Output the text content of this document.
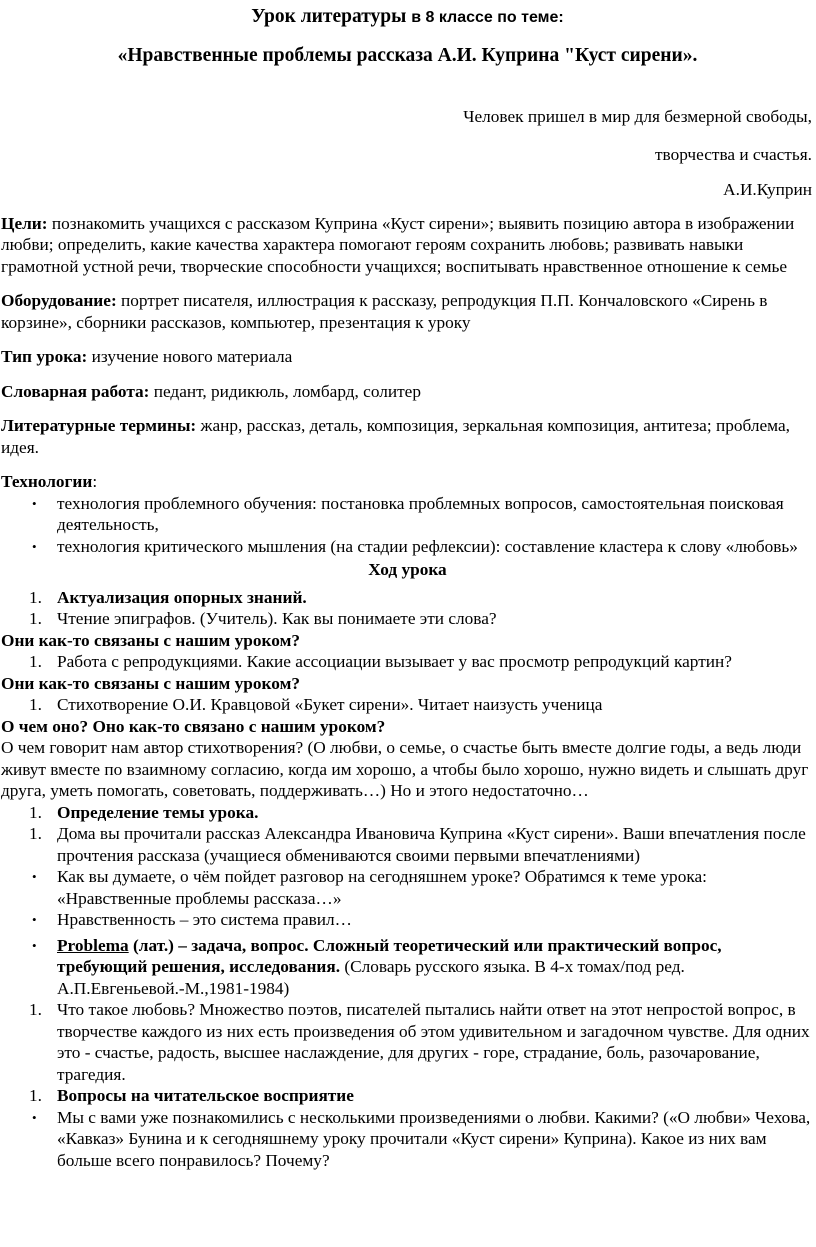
Урок литературы в 8 классе по теме:
«Нравственные проблемы рассказа А.И. Куприна "Куст сирени».
Человек пришел в мир для безмерной свободы,
творчества и счастья.
А.И.Куприн
Цели: познакомить учащихся с рассказом Куприна «Куст сирени»; выявить позицию автора в изображении любви; определить, какие качества характера помогают героям сохранить любовь; развивать навыки грамотной устной речи, творческие способности учащихся; воспитывать нравственное отношение к семье
Оборудование: портрет писателя, иллюстрация к рассказу, репродукция П.П. Кончаловского «Сирень в корзине», сборники рассказов, компьютер, презентация к уроку
Тип урока: изучение нового материала
Словарная работа: педант, ридикюль, ломбард, солитер
Литературные термины: жанр, рассказ, деталь, композиция, зеркальная композиция, антитеза; проблема, идея.
Технологии:
• технология проблемного обучения: постановка проблемных вопросов, самостоятельная поисковая деятельность,
• технология критического мышления (на стадии рефлексии): составление кластера к слову «любовь»
Ход урока
1. Актуализация опорных знаний.
1. Чтение эпиграфов. (Учитель). Как вы понимаете эти слова?
Они как-то связаны с нашим уроком?
1. Работа с репродукциями. Какие ассоциации вызывает у вас просмотр репродукций картин?
Они как-то связаны с нашим уроком?
1. Стихотворение О.И. Кравцовой «Букет сирени». Читает наизусть ученица
О чем оно? Оно как-то связано с нашим уроком?
О чем говорит нам автор стихотворения? (О любви, о семье, о счастье быть вместе долгие годы, а ведь люди живут вместе по взаимному согласию, когда им хорошо, а чтобы было хорошо, нужно видеть и слышать друг друга, уметь помогать, советовать, поддерживать…) Но и этого недостаточно…
1. Определение темы урока.
1. Дома вы прочитали рассказ Александра Ивановича Куприна «Куст сирени». Ваши впечатления после прочтения рассказа (учащиеся обмениваются своими первыми впечатлениями)
• Как вы думаете, о чём пойдет разговор на сегодняшнем уроке? Обратимся к теме урока: «Нравственные проблемы рассказа…»
• Нравственность – это система правил…
• Problema (лат.) – задача, вопрос. Сложный теоретический или практический вопрос, требующий решения, исследования. (Словарь русского языка. В 4-х томах/под ред. А.П.Евгеньевой.-М.,1981-1984)
1. Что такое любовь? Множество поэтов, писателей пытались найти ответ на этот непростой вопрос, в творчестве каждого из них есть произведения об этом удивительном и загадочном чувстве. Для одних это - счастье, радость, высшее наслаждение, для других - горе, страдание, боль, разочарование, трагедия.
1. Вопросы на читательское восприятие
• Мы с вами уже познакомились с несколькими произведениями о любви. Какими? («О любви» Чехова, «Кавказ» Бунина и к сегодняшнему уроку прочитали «Куст сирени» Куприна). Какое из них вам больше всего понравилось? Почему?
